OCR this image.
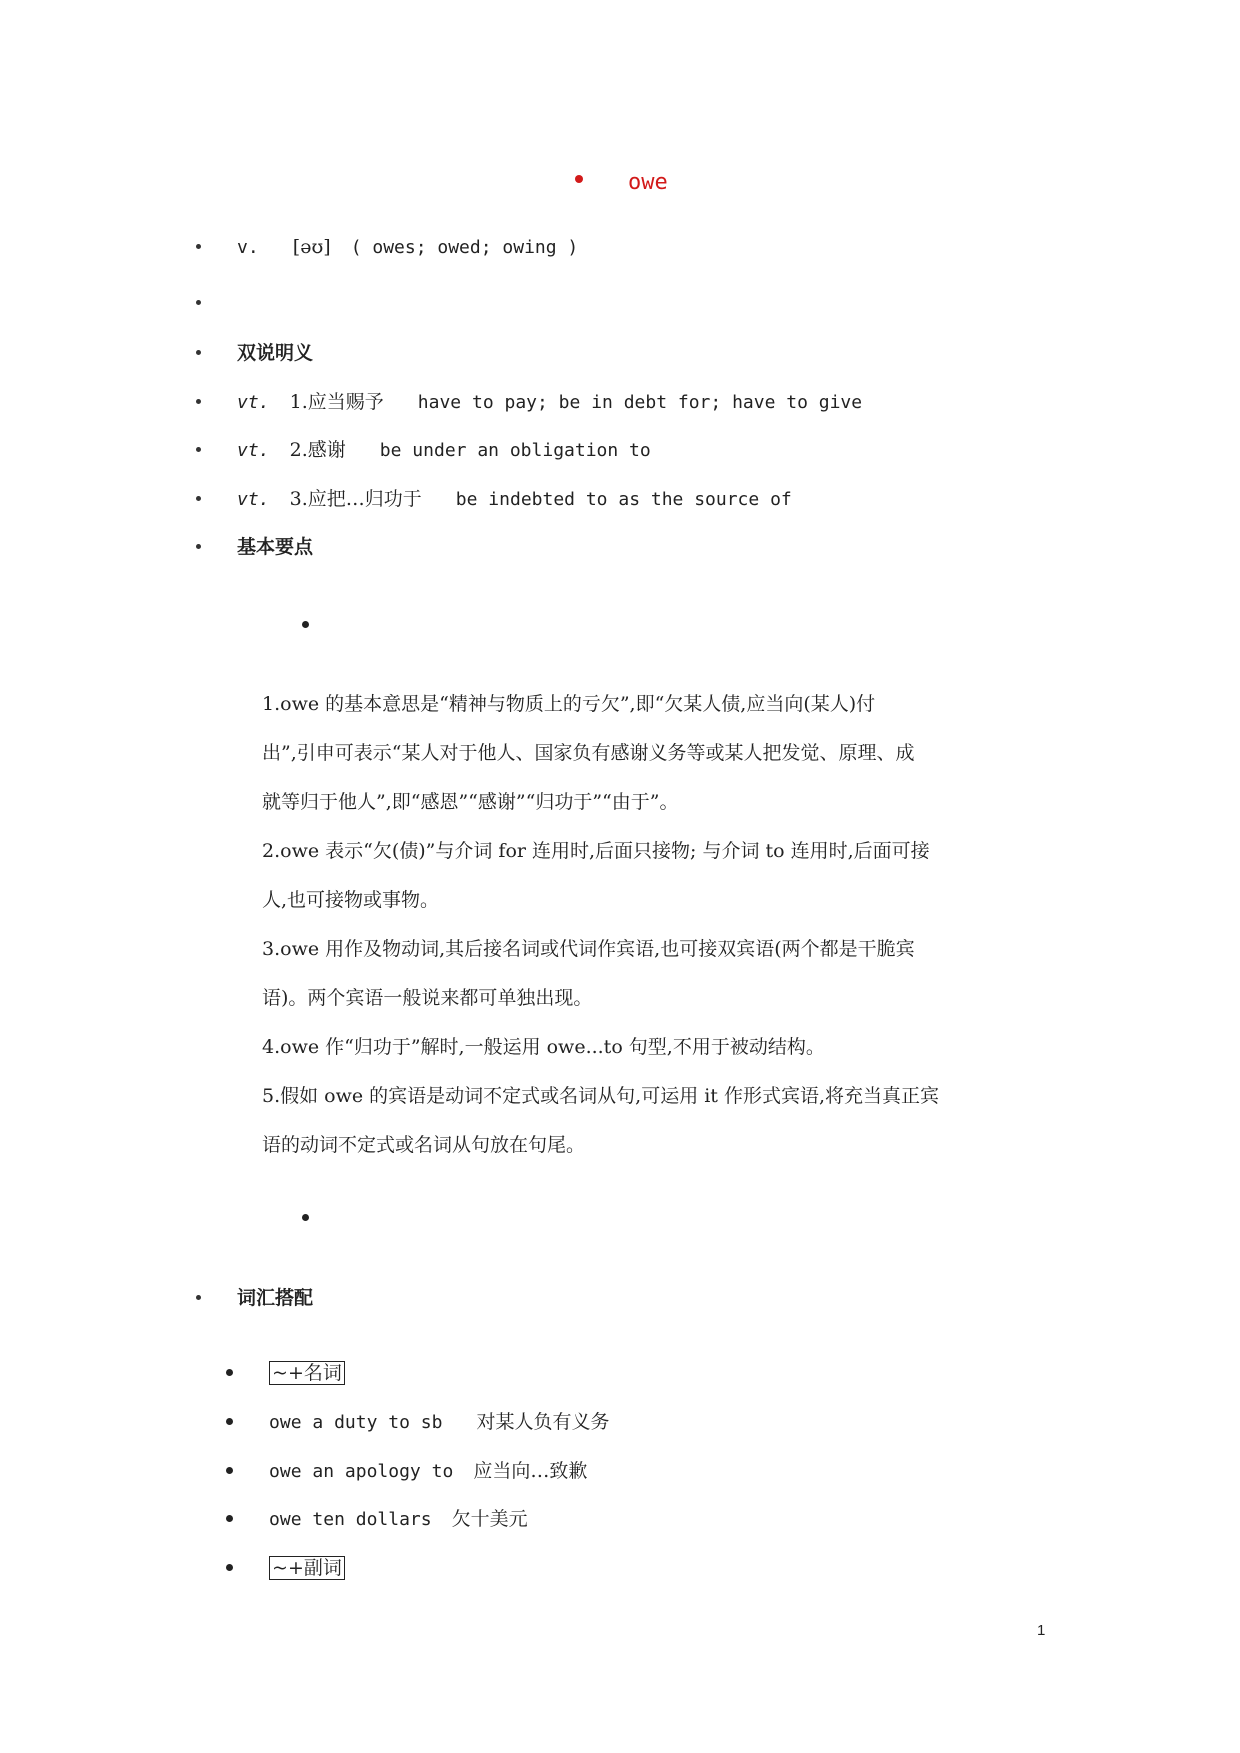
owe
v. [əʊ] ( owes; owed; owing )
双说明义
vt. 1.应当赐予 have to pay; be in debt for; have to give
vt. 2.感谢 be under an obligation to
vt. 3.应把…归功于 be indebted to as the source of
基本要点

1.owe 的基本意思是“精神与物质上的亏欠”,即“欠某人债,应当向(某人)付

出”,引申可表示“某人对于他人、国家负有感谢义务等或某人把发觉、原理、成

就等归于他人”,即“感恩”“感谢”“归功于”“由于”。

2.owe 表示“欠(债)”与介词 for 连用时,后面只接物; 与介词 to 连用时,后面可接

人,也可接物或事物。

3.owe 用作及物动词,其后接名词或代词作宾语,也可接双宾语(两个都是干脆宾

语)。两个宾语一般说来都可单独出现。

4.owe 作“归功于”解时,一般运用 owe...to 句型,不用于被动结构。

5.假如 owe 的宾语是动词不定式或名词从句,可运用 it 作形式宾语,将充当真正宾

语的动词不定式或名词从句放在句尾。

词汇搭配
~+名词
owe a duty to sb 对某人负有义务
owe an apology to 应当向…致歉
owe ten dollars 欠十美元
~+副词
1
